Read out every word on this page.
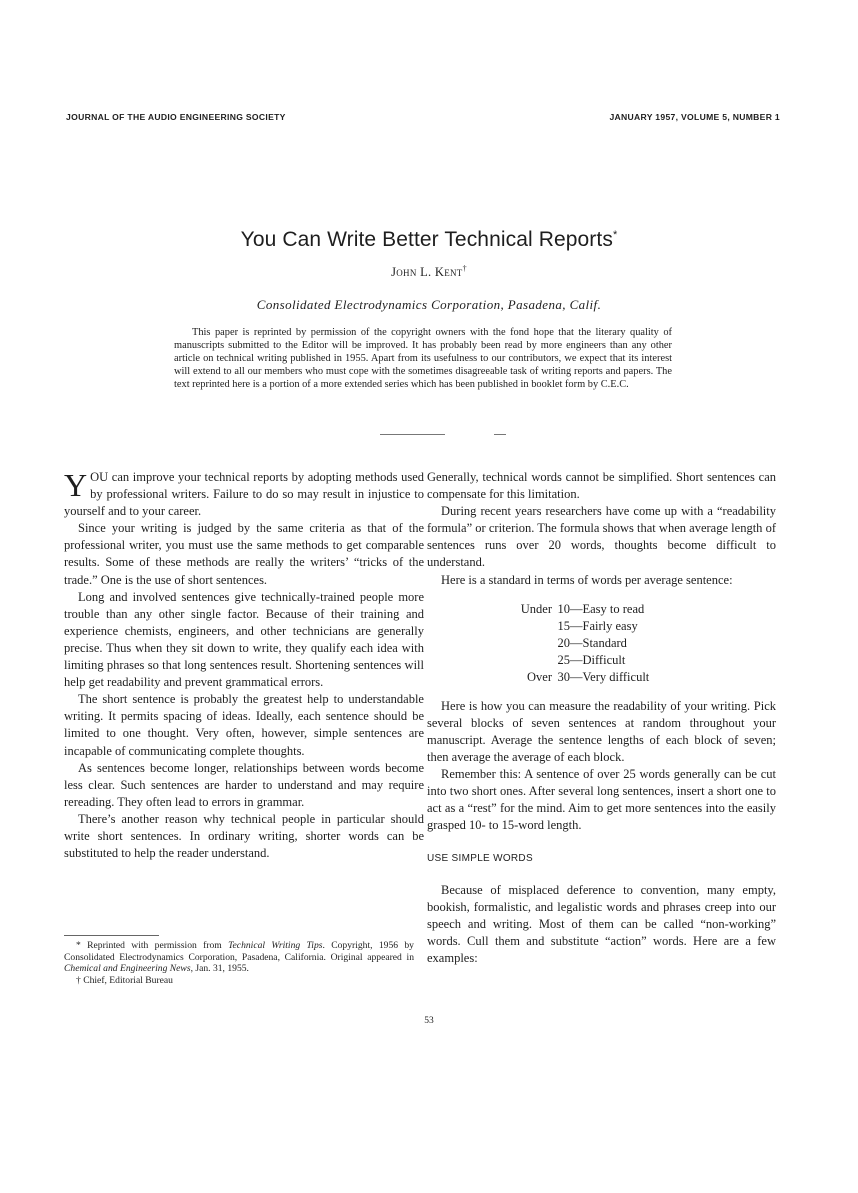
JOURNAL OF THE AUDIO ENGINEERING SOCIETY	JANUARY 1957, VOLUME 5, NUMBER 1
You Can Write Better Technical Reports*
John L. Kent†
Consolidated Electrodynamics Corporation, Pasadena, Calif.
This paper is reprinted by permission of the copyright owners with the fond hope that the literary quality of manuscripts submitted to the Editor will be improved. It has probably been read by more engineers than any other article on technical writing published in 1955. Apart from its usefulness to our contributors, we expect that its interest will extend to all our members who must cope with the sometimes disagreeable task of writing reports and papers. The text reprinted here is a portion of a more extended series which has been published in booklet form by C.E.C.

YOU can improve your technical reports by adopting methods used by professional writers. Failure to do so may result in injustice to yourself and to your career.

Since your writing is judged by the same criteria as that of the professional writer, you must use the same methods to get comparable results. Some of these methods are really the writers’ “tricks of the trade.” One is the use of short sentences.

Long and involved sentences give technically-trained people more trouble than any other single factor. Because of their training and experience chemists, engineers, and other technicians are generally precise. Thus when they sit down to write, they qualify each idea with limiting phrases so that long sentences result. Shortening sentences will help get readability and prevent grammatical errors.

The short sentence is probably the greatest help to understandable writing. It permits spacing of ideas. Ideally, each sentence should be limited to one thought. Very often, however, simple sentences are incapable of communicating complete thoughts.

As sentences become longer, relationships between words become less clear. Such sentences are harder to understand and may require rereading. They often lead to errors in grammar.

There’s another reason why technical people in particular should write short sentences. In ordinary writing, shorter words can be substituted to help the reader understand.

Generally, technical words cannot be simplified. Short sentences can compensate for this limitation.

During recent years researchers have come up with a “readability formula” or criterion. The formula shows that when average length of sentences runs over 20 words, thoughts become difficult to understand.

Here is a standard in terms of words per average sentence:

Under 10 —Easy to read
15 —Fairly easy
20 —Standard
25 —Difficult
Over 30 —Very difficult

Here is how you can measure the readability of your writing. Pick several blocks of seven sentences at random throughout your manuscript. Average the sentence lengths of each block of seven; then average the average of each block.

Remember this: A sentence of over 25 words generally can be cut into two short ones. After several long sentences, insert a short one to act as a “rest” for the mind. Aim to get more sentences into the easily grasped 10- to 15-word length.

USE SIMPLE WORDS

Because of misplaced deference to convention, many empty, bookish, formalistic, and legalistic words and phrases creep into our speech and writing. Most of them can be called “non-working” words. Cull them and substitute “action” words. Here are a few examples:

* Reprinted with permission from Technical Writing Tips. Copyright, 1956 by Consolidated Electrodynamics Corporation, Pasadena, California. Original appeared in Chemical and Engineering News, Jan. 31, 1955.

† Chief, Editorial Bureau

53
